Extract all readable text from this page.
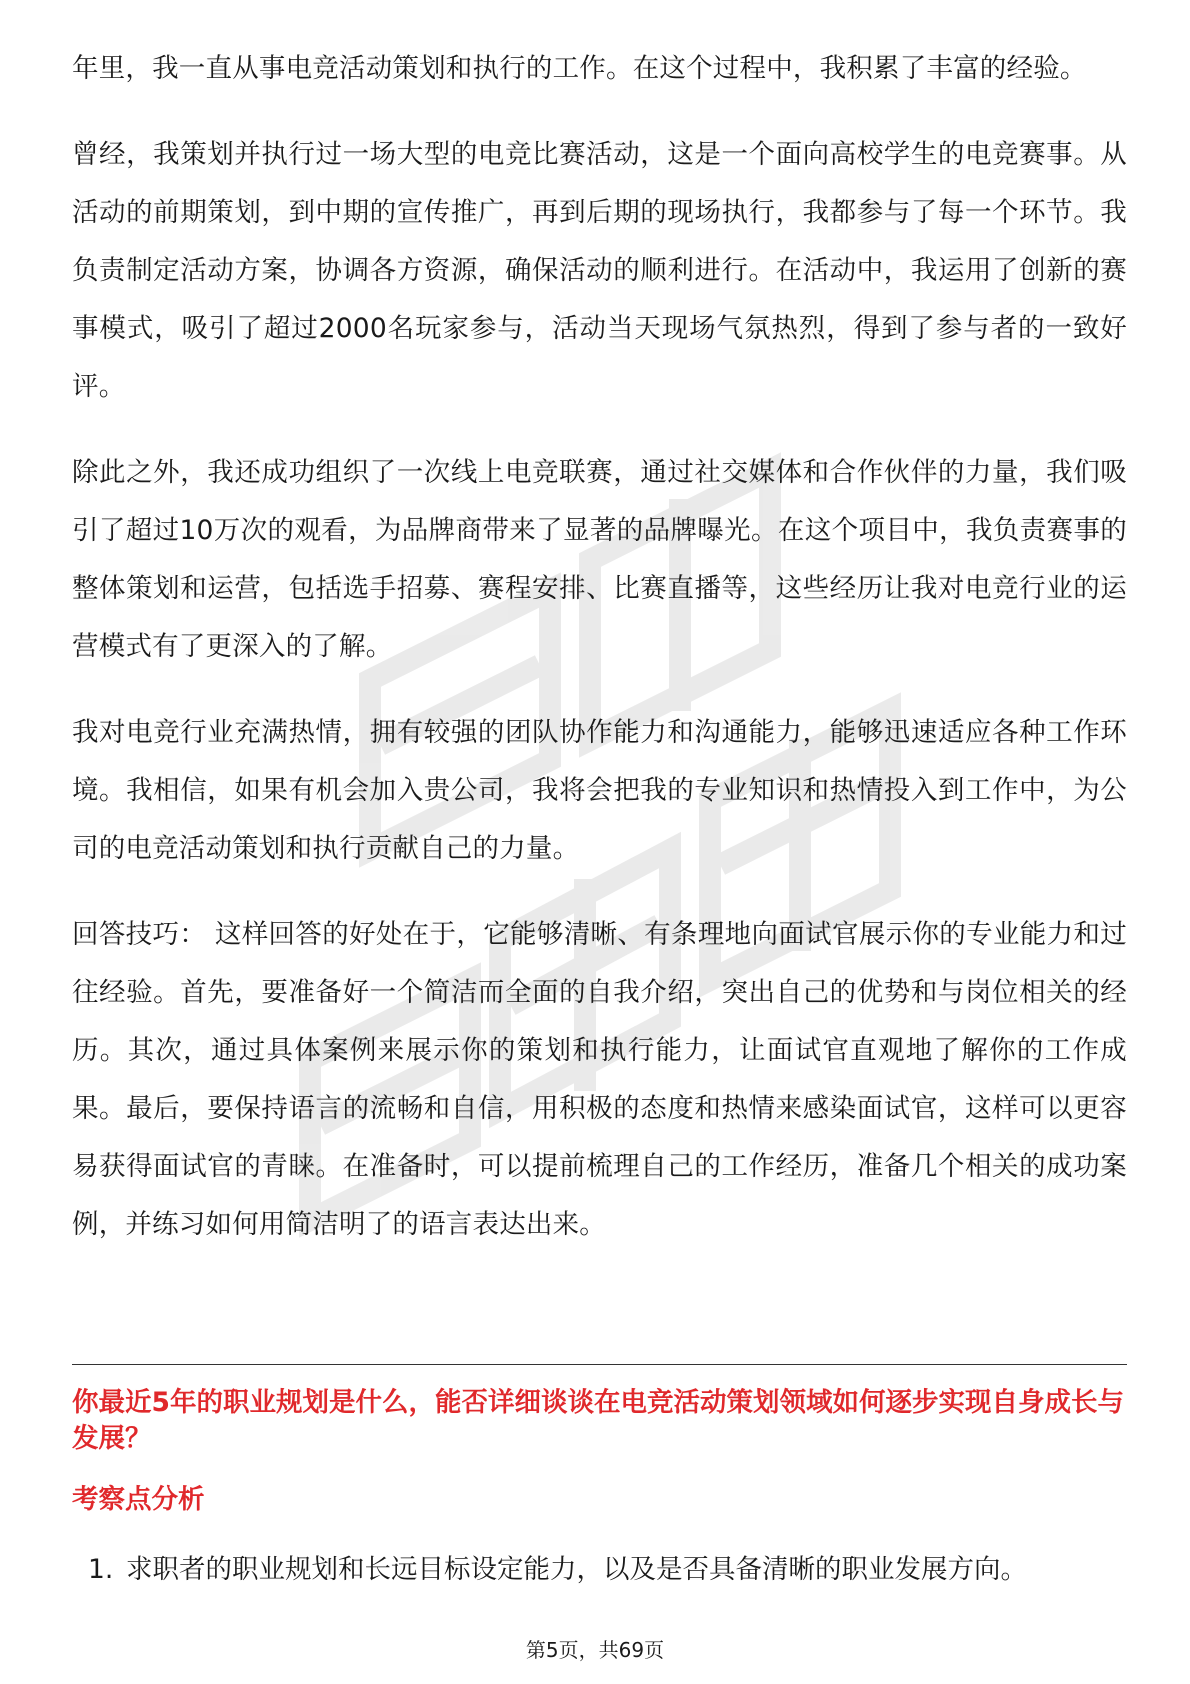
年里，我一直从事电竞活动策划和执行的工作。在这个过程中，我积累了丰富的经验。

曾经，我策划并执行过一场大型的电竞比赛活动，这是一个面向高校学生的电竞赛事。从活动的前期策划，到中期的宣传推广，再到后期的现场执行，我都参与了每一个环节。我负责制定活动方案，协调各方资源，确保活动的顺利进行。在活动中，我运用了创新的赛事模式，吸引了超过2000名玩家参与，活动当天现场气氛热烈，得到了参与者的一致好评。

除此之外，我还成功组织了一次线上电竞联赛，通过社交媒体和合作伙伴的力量，我们吸引了超过10万次的观看，为品牌商带来了显著的品牌曝光。在这个项目中，我负责赛事的整体策划和运营，包括选手招募、赛程安排、比赛直播等，这些经历让我对电竞行业的运营模式有了更深入的了解。

我对电竞行业充满热情，拥有较强的团队协作能力和沟通能力，能够迅速适应各种工作环境。我相信，如果有机会加入贵公司，我将会把我的专业知识和热情投入到工作中，为公司的电竞活动策划和执行贡献自己的力量。

回答技巧： 这样回答的好处在于，它能够清晰、有条理地向面试官展示你的专业能力和过往经验。首先，要准备好一个简洁而全面的自我介绍，突出自己的优势和与岗位相关的经历。其次，通过具体案例来展示你的策划和执行能力，让面试官直观地了解你的工作成果。最后，要保持语言的流畅和自信，用积极的态度和热情来感染面试官，这样可以更容易获得面试官的青睐。在准备时，可以提前梳理自己的工作经历，准备几个相关的成功案例，并练习如何用简洁明了的语言表达出来。

你最近5年的职业规划是什么，能否详细谈谈在电竞活动策划领域如何逐步实现自身成长与发展？
考察点分析
1. 求职者的职业规划和长远目标设定能力，以及是否具备清晰的职业发展方向。
第5页，共69页
